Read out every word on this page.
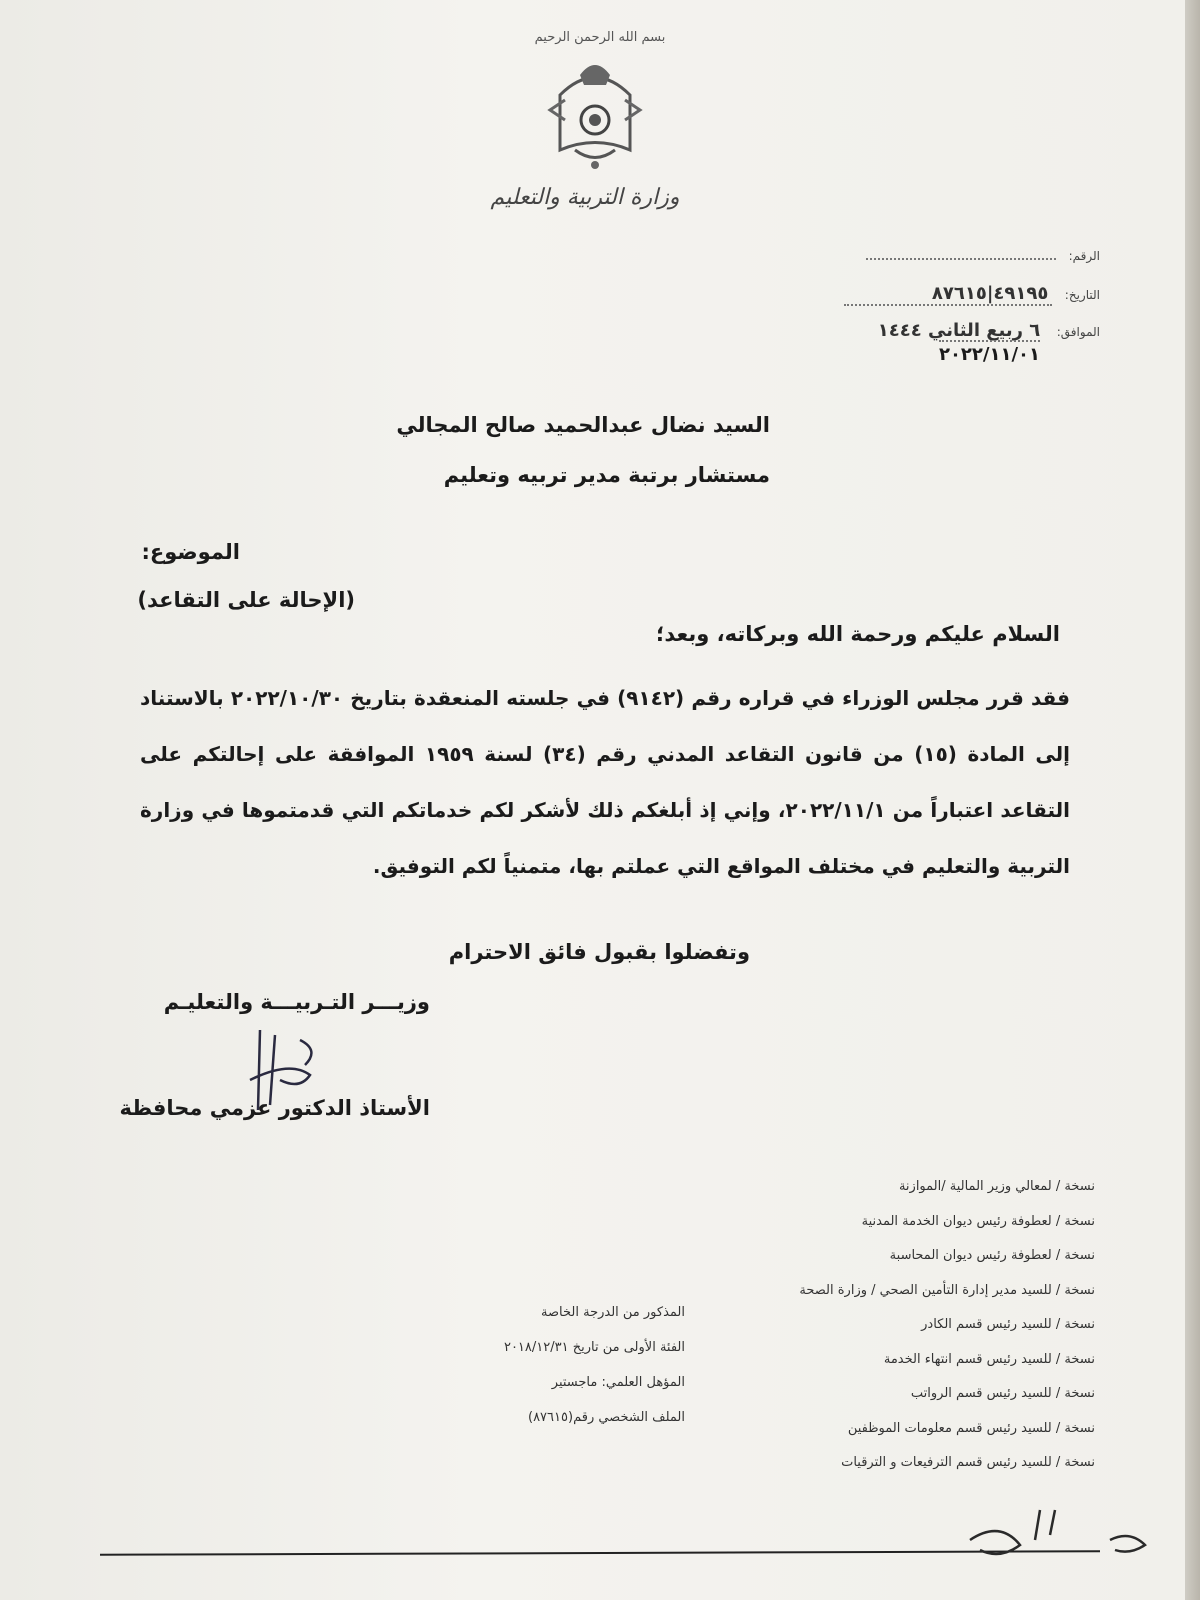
بسم الله الرحمن الرحيم
وزارة التربية والتعليم
الرقم:
التاريخ: ٤٩١٩٥|٨٧٦١٥
الموافق: ٦ ربيع الثاني ١٤٤٤
٢٠٢٢/١١/٠١
السيد نضال عبدالحميد صالح المجالي
مستشار برتبة مدير تربيه وتعليم
الموضوع:
(الإحالة على التقاعد)
السلام عليكم ورحمة الله وبركاته، وبعد؛
فقد قرر مجلس الوزراء في قراره رقم (٩١٤٢) في جلسته المنعقدة بتاريخ ٢٠٢٢/١٠/٣٠ بالاستناد إلى المادة (١٥) من قانون التقاعد المدني رقم (٣٤) لسنة ١٩٥٩ الموافقة على إحالتكم على التقاعد اعتباراً من ٢٠٢٢/١١/١، وإني إذ أبلغكم ذلك لأشكر لكم خدماتكم التي قدمتموها في وزارة التربية والتعليم في مختلف المواقع التي عملتم بها، متمنياً لكم التوفيق.
وتفضلوا بقبول فائق الاحترام
وزيـــر التـربيـــة والتعليـم
الأستاذ الدكتور عزمي محافظة
نسخة / لمعالي وزير المالية /الموازنة
نسخة / لعطوفة رئيس ديوان الخدمة المدنية
نسخة / لعطوفة رئيس ديوان المحاسبة
نسخة / للسيد مدير إدارة التأمين الصحي / وزارة الصحة
نسخة / للسيد رئيس قسم الكادر
نسخة / للسيد رئيس قسم انتهاء الخدمة
نسخة / للسيد رئيس قسم الرواتب
نسخة / للسيد رئيس قسم معلومات الموظفين
نسخة / للسيد رئيس قسم الترفيعات و الترقيات
المذكور من الدرجة الخاصة
الفئة الأولى من تاريخ ٢٠١٨/١٢/٣١
المؤهل العلمي: ماجستير
الملف الشخصي رقم(٨٧٦١٥)
